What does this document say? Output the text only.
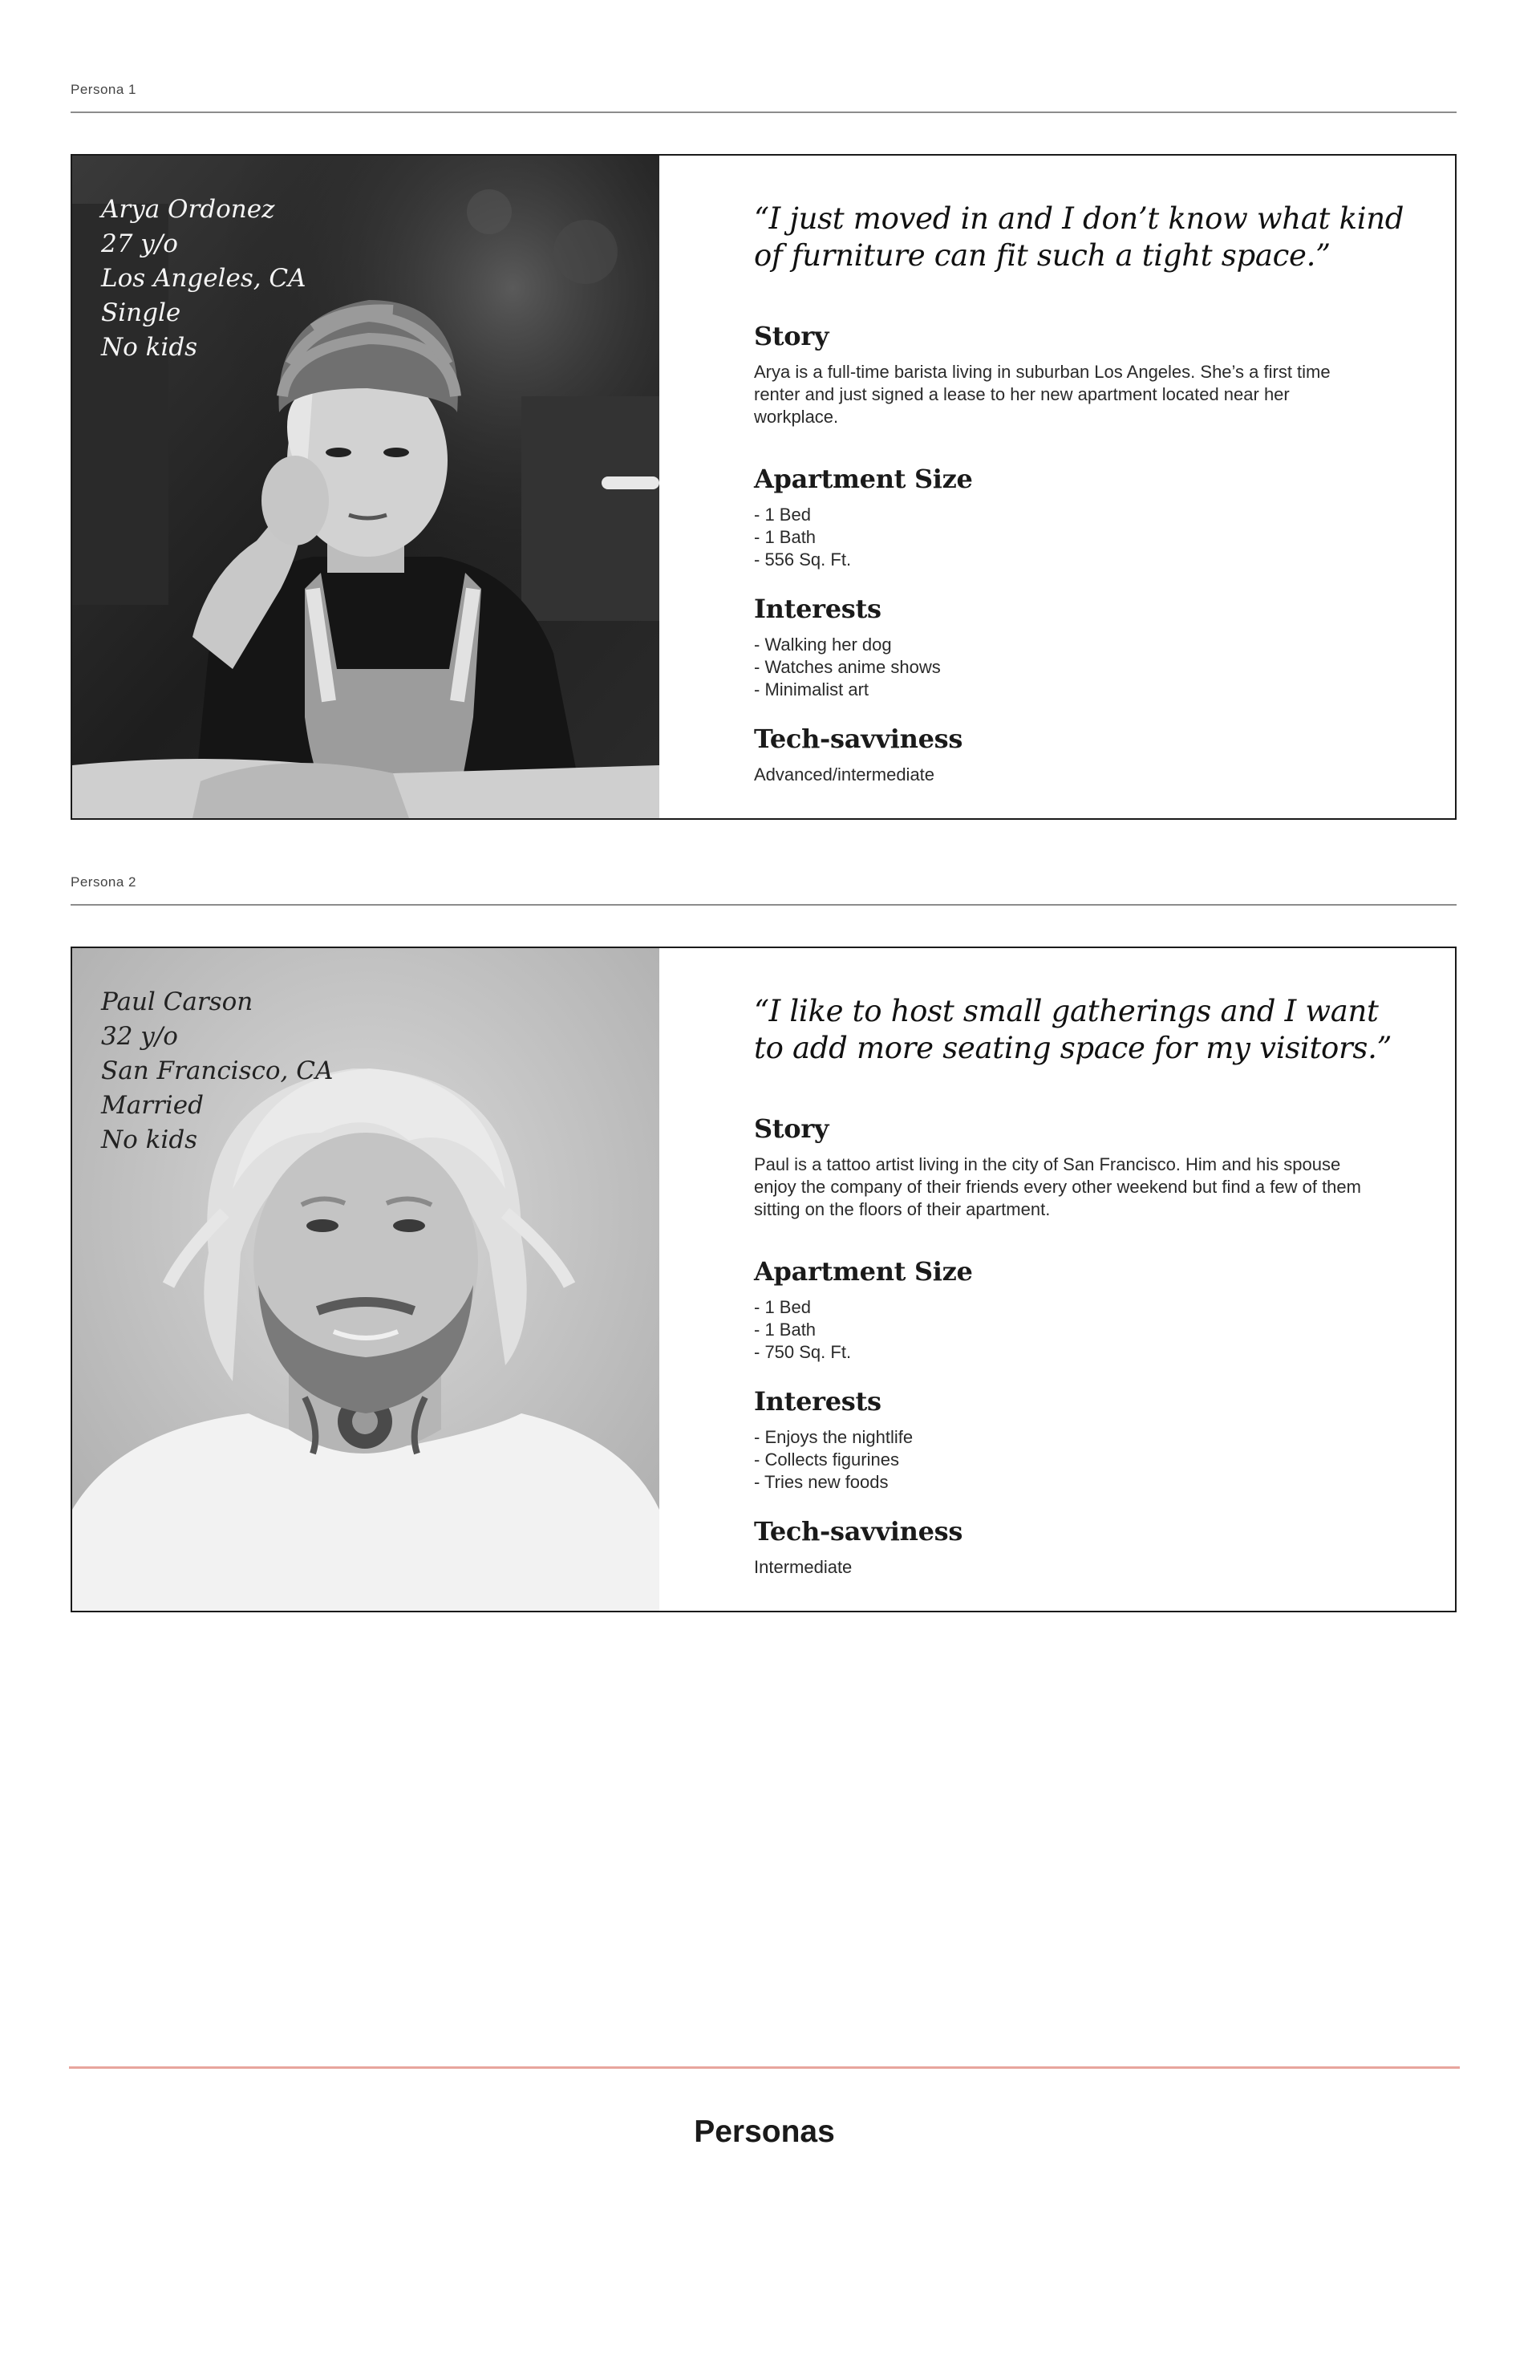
Persona 1
Arya Ordonez
27 y/o
Los Angeles, CA
Single
No kids
“I just moved in and I don’t know what kind of furniture can fit such a tight space.”
Story
Arya is a full-time barista living in suburban Los Angeles. She’s a first time renter and just signed a lease to her new apartment located near her workplace.
Apartment Size
- 1 Bed
- 1 Bath
- 556 Sq. Ft.
Interests
- Walking her dog
- Watches anime shows
- Minimalist art
Tech-savviness
Advanced/intermediate
Persona 2
Paul Carson
32 y/o
San Francisco, CA
Married
No kids
“I like to host small gatherings and I want to add more seating space for my visitors.”
Story
Paul is a tattoo artist living in the city of San Francisco. Him and his spouse enjoy the company of their friends every other weekend but find a few of them sitting on the floors of their apartment.
Apartment Size
- 1 Bed
- 1 Bath
- 750 Sq. Ft.
Interests
- Enjoys the nightlife
- Collects figurines
- Tries new foods
Tech-savviness
Intermediate
Personas
